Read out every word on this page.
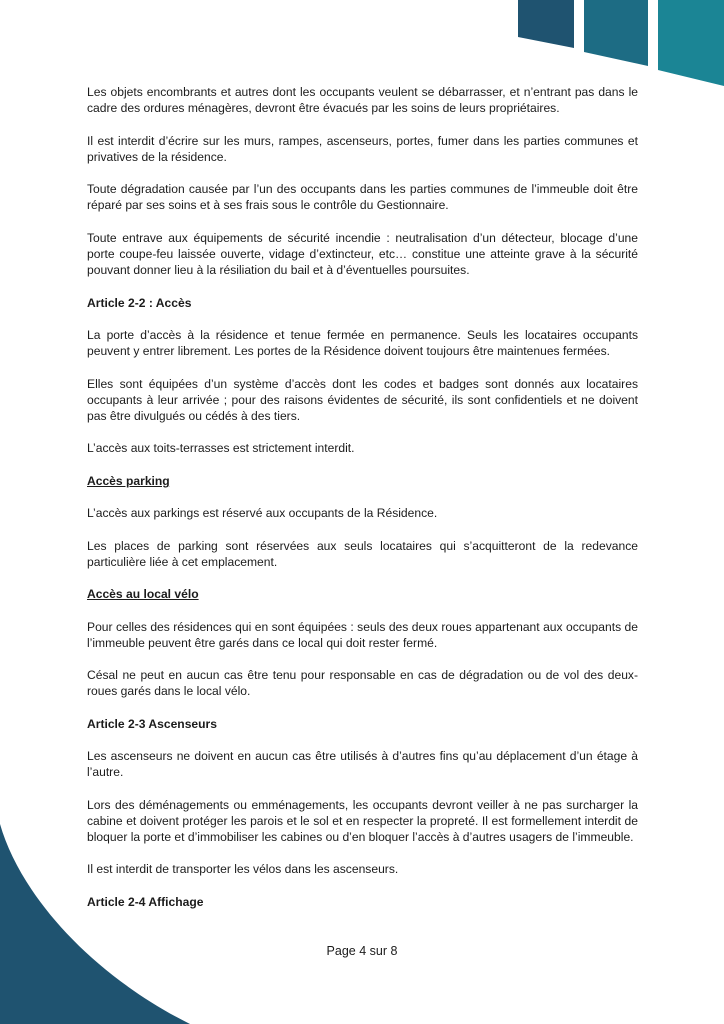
Les objets encombrants et autres dont les occupants veulent se débarrasser, et n’entrant pas dans le cadre des ordures ménagères, devront être évacués par les soins de leurs propriétaires.

Il est interdit d’écrire sur les murs, rampes, ascenseurs, portes, fumer dans les parties communes et privatives de la résidence.

Toute dégradation causée par l’un des occupants dans les parties communes de l’immeuble doit être réparé par ses soins et à ses frais sous le contrôle du Gestionnaire.

Toute entrave aux équipements de sécurité incendie : neutralisation d’un détecteur, blocage d’une porte coupe-feu laissée ouverte, vidage d’extincteur, etc… constitue une atteinte grave à la sécurité pouvant donner lieu à la résiliation du bail et à d’éventuelles poursuites.

Article 2-2 : Accès

La porte d’accès à la résidence et tenue fermée en permanence. Seuls les locataires occupants peuvent y entrer librement. Les portes de la Résidence doivent toujours être maintenues fermées.

Elles sont équipées d’un système d’accès dont les codes et badges sont donnés aux locataires occupants à leur arrivée ; pour des raisons évidentes de sécurité, ils sont confidentiels et ne doivent pas être divulgués ou cédés à des tiers.

L’accès aux toits-terrasses est strictement interdit.

Accès parking

L’accès aux parkings est réservé aux occupants de la Résidence.

Les places de parking sont réservées aux seuls locataires qui s’acquitteront de la redevance particulière liée à cet emplacement.

Accès au local vélo

Pour celles des résidences qui en sont équipées : seuls des deux roues appartenant aux occupants de l’immeuble peuvent être garés dans ce local qui doit rester fermé.

Césal ne peut en aucun cas être tenu pour responsable en cas de dégradation ou de vol des deux-roues garés dans le local vélo.

Article 2-3 Ascenseurs

Les ascenseurs ne doivent en aucun cas être utilisés à d’autres fins qu’au déplacement d’un étage à l’autre.

Lors des déménagements ou emménagements, les occupants devront veiller à ne pas surcharger la cabine et doivent protéger les parois et le sol et en respecter la propreté. Il est formellement interdit de bloquer la porte et d’immobiliser les cabines ou d’en bloquer l’accès à d’autres usagers de l’immeuble.

Il est interdit de transporter les vélos dans les ascenseurs.

Article 2-4 Affichage

Page 4 sur 8
